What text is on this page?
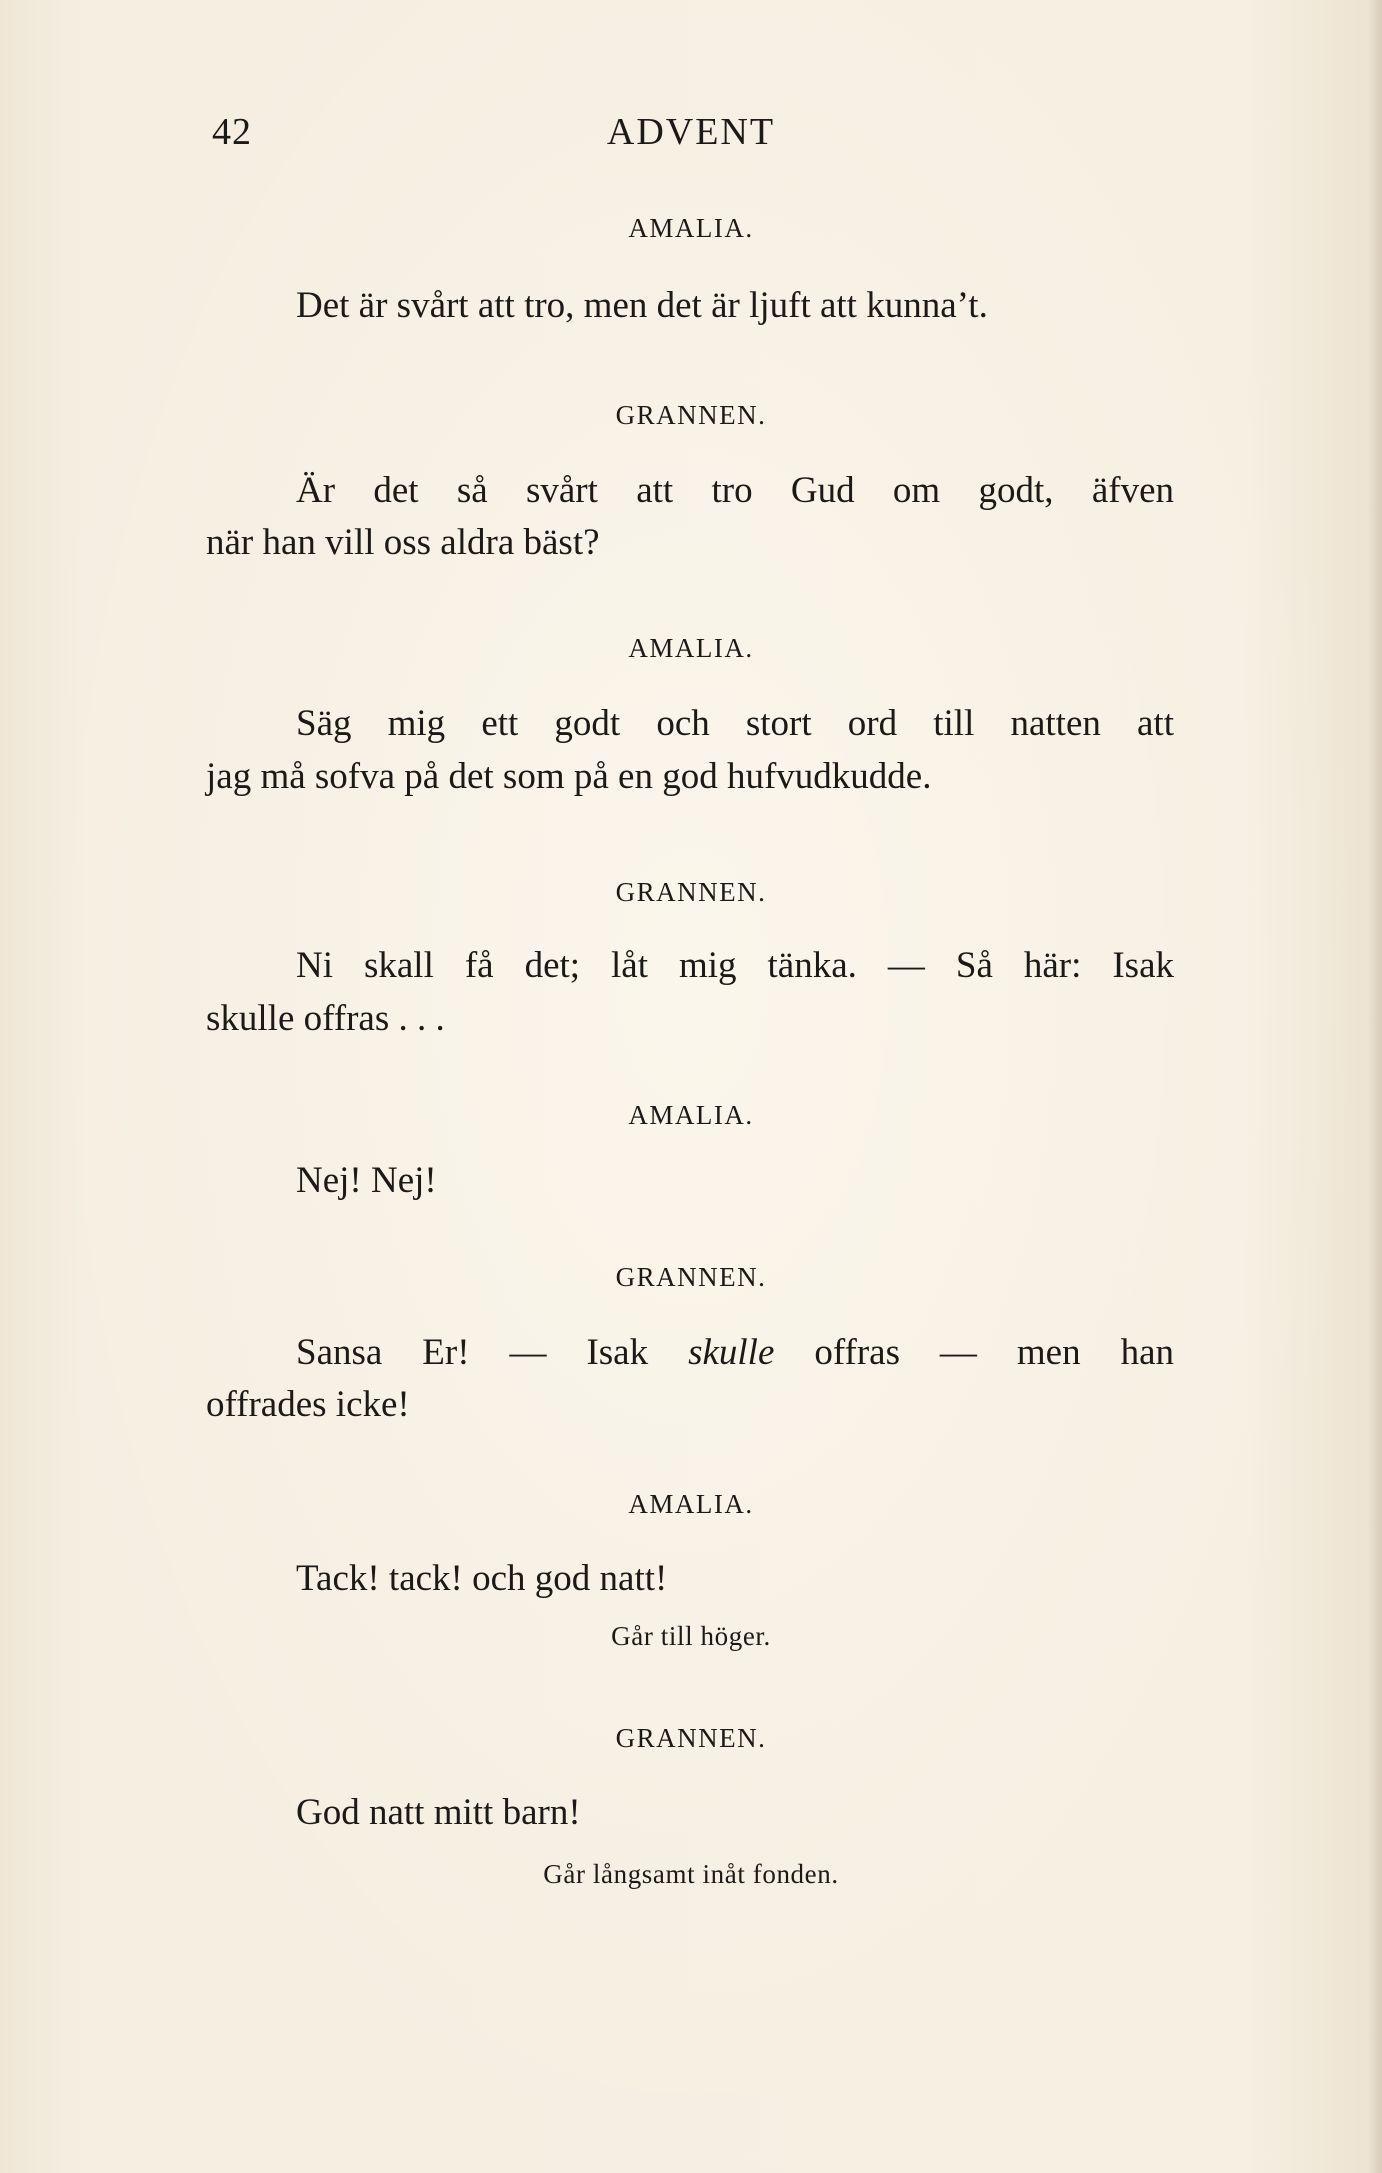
42	ADVENT
AMALIA.
Det är svårt att tro, men det är ljuft att kunna’t.
GRANNEN.
Är det så svårt att tro Gud om godt, äfven
när han vill oss aldra bäst?
AMALIA.
Säg mig ett godt och stort ord till natten att
jag må sofva på det som på en god hufvudkudde.
GRANNEN.
Ni skall få det; låt mig tänka. — Så här: Isak
skulle offras . . .
AMALIA.
Nej! Nej!
GRANNEN.
Sansa Er! — Isak skulle offras — men han
offrades icke!
AMALIA.
Tack! tack! och god natt!
Går till höger.
GRANNEN.
God natt mitt barn!
Går långsamt inåt fonden.
